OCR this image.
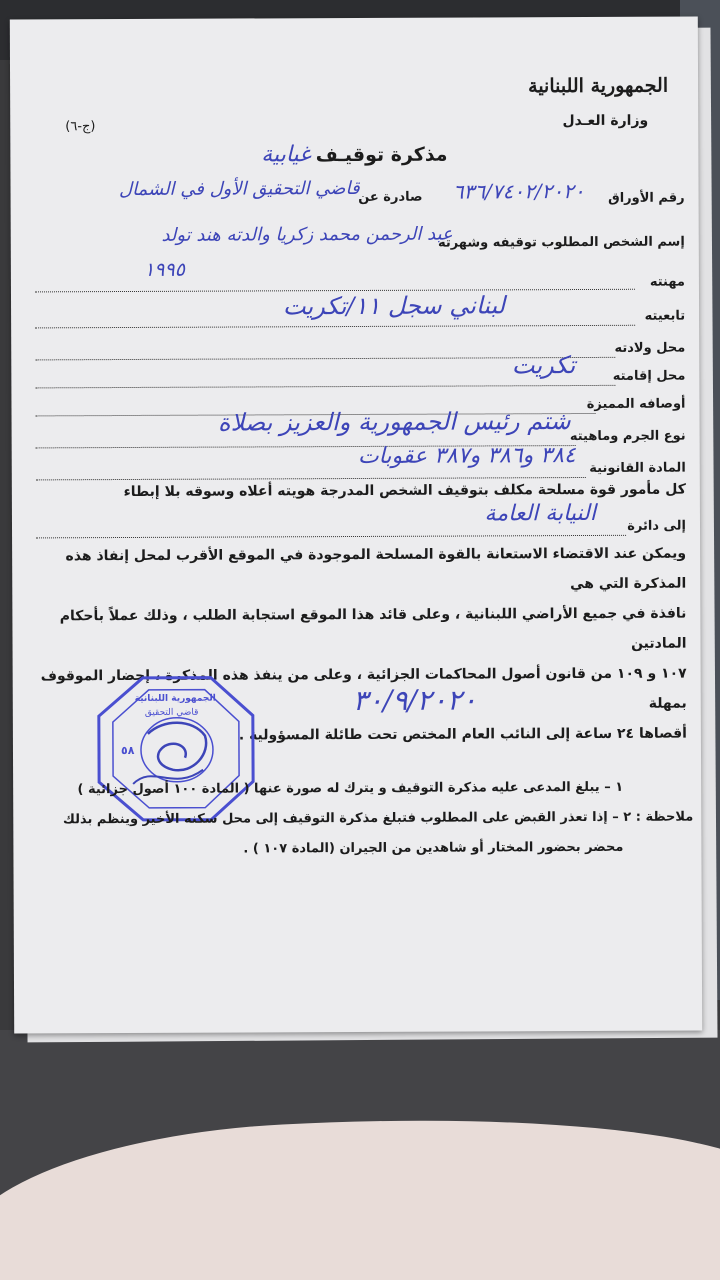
الجمهورية اللبنانية
وزارة العـدل
(ج-٦)
مذكرة توقيـف غيابية
رقم الأوراق
٦٣٦/٧٤٠٢/٢٠٢٠
صادرة عن
قاضي التحقيق الأول في الشمال
إسم الشخص المطلوب توقيفه وشهرته
عبد الرحمن محمد زكريا والدته هند تولد
مهنته
١٩٩٥
تابعيته
لبناني سجل ١١/تكريت
محل ولادته
محل إقامته
تكريت
أوصافه المميزة
نوع الجرم وماهيته
شتم رئيس الجمهورية والعزيز بصلاة
المادة القانونية
٣٨٤ و٣٨٦ و٣٨٧ عقوبات
كل مأمور قوة مسلحة مكلف بتوقيف الشخص المدرجة هويته أعلاه وسوقه بلا إبطاء
إلى دائرة
النيابة العامة
ويمكن عند الاقتضاء الاستعانة بالقوة المسلحة الموجودة في الموقع الأقرب لمحل إنفاذ هذه المذكرة التي هي
نافذة في جميع الأراضي اللبنانية ، وعلى قائد هذا الموقع استجابة الطلب ، وذلك عملاً بأحكام المادتين
١٠٧ و ١٠٩ من قانون أصول المحاكمات الجزائية ، وعلى من ينفذ هذه المذكرة ، إحضار الموقوف بمهلة
أقصاها ٢٤ ساعة إلى النائب العام المختص تحت طائلة المسؤولية .
٣٠/٩/٢٠٢٠
الجمهورية اللبنانية
قاضي التحقيق
٥٨
١ – يبلغ المدعى عليه مذكرة التوقيف و يترك له صورة عنها ( المادة ١٠٠ أصول جزائية )
ملاحظة : ٢ – إذا تعذر القبض على المطلوب فتبلغ مذكرة التوقيف إلى محل سكنه الأخير وينظم بذلك
محضر بحضور المختار أو شاهدين من الجيران (المادة ١٠٧ ) .
